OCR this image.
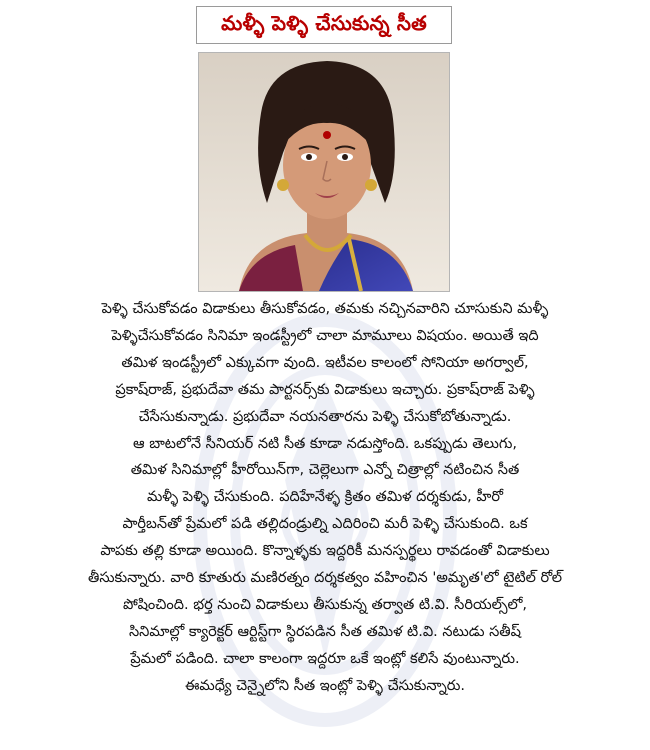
మళ్ళీ పెళ్ళి చేసుకున్న సీత
పెళ్ళి చేసుకోవడం విడాకులు తీసుకోవడం, తమకు నచ్చినవారిని చూసుకుని మళ్ళీ
పెళ్ళిచేసుకోవడం సినిమా ఇండస్ట్రీలో చాలా మామూలు విషయం. అయితే ఇది
తమిళ ఇండస్ట్రీలో ఎక్కువగా వుంది. ఇటీవల కాలంలో సోనియా అగర్వాల్,
ప్రకాష్‌రాజ్, ప్రభుదేవా తమ పార్టనర్స్‌కు విడాకులు ఇచ్చారు. ప్రకాష్‌రాజ్ పెళ్ళి
చేసేసుకున్నాడు. ప్రభుదేవా నయనతారను పెళ్ళి చేసుకోబోతున్నాడు.
ఆ బాటలోనే సీనియర్ నటి సీత కూడా నడుస్తోంది. ఒకప్పుడు తెలుగు,
తమిళ సినిమాల్లో హీరోయిన్‌గా, చెల్లెలుగా ఎన్నో చిత్రాల్లో నటించిన సీత
మళ్ళీ పెళ్ళి చేసుకుంది. పదిహేనేళ్ళ క్రితం తమిళ దర్శకుడు, హీరో
పార్తీబన్‌తో ప్రేమలో పడి తల్లిదండ్రుల్ని ఎదిరించి మరీ పెళ్ళి చేసుకుంది. ఒక
పాపకు తల్లి కూడా అయింది. కొన్నాళ్ళకు ఇద్దరికీ మనస్పర్థలు రావడంతో విడాకులు
తీసుకున్నారు. వారి కూతురు మణిరత్నం దర్శకత్వం వహించిన 'అమృత'లో టైటిల్ రోల్
పోషించింది. భర్త నుంచి విడాకులు తీసుకున్న తర్వాత టి.వి. సీరియల్స్‌లో,
సినిమాల్లో క్యారెక్టర్ ఆర్టిస్ట్‌గా స్థిరపడిన సీత తమిళ టి.వి. నటుడు సతీష్
ప్రేమలో పడింది. చాలా కాలంగా ఇద్దరూ ఒకే ఇంట్లో కలిసే వుంటున్నారు.
ఈమధ్యే చెన్నైలోని సీత ఇంట్లో పెళ్ళి చేసుకున్నారు.
